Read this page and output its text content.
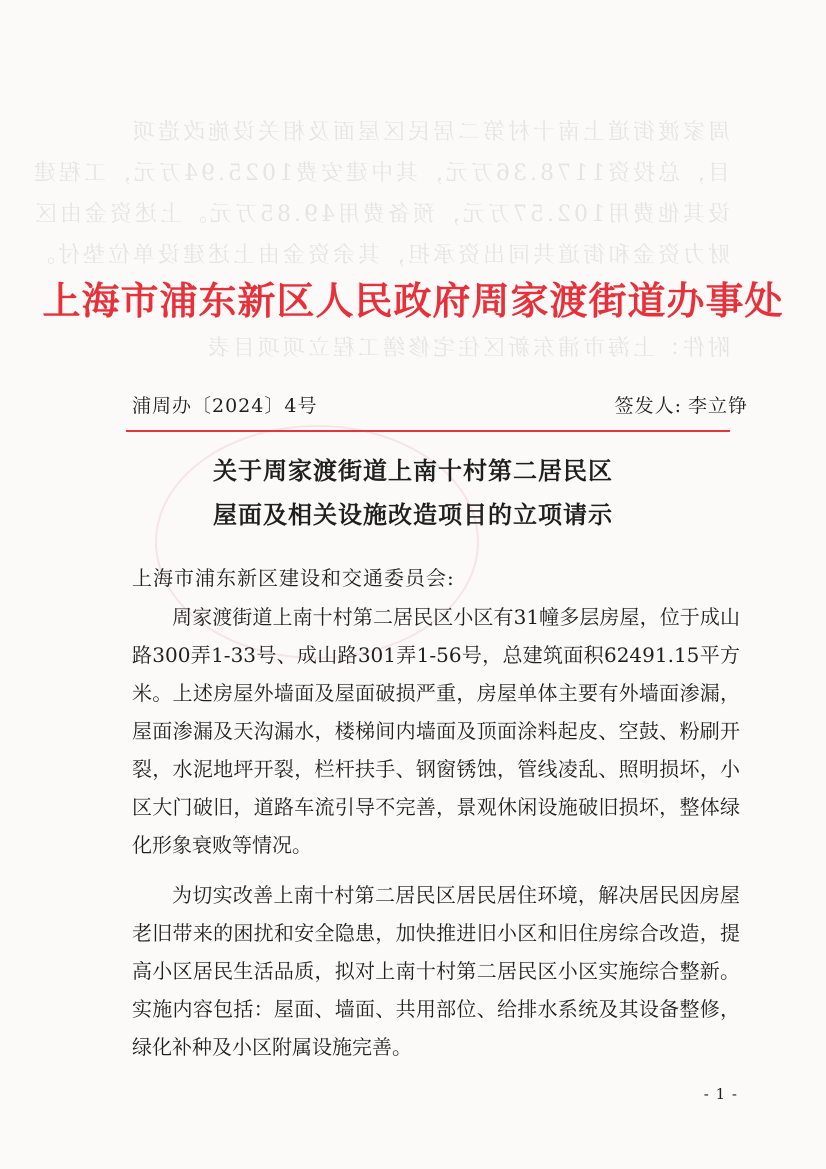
周家渡街道上南十村第二居民区屋面及相关设施改造项
目，总投资1178.36万元，其中建安费1025.94万元，工程建
设其他费用102.57万元，预备费用49.85万元。上述资金由区
财力资金和街道共同出资承担，其余资金由上述建设单位垫付。
附件：上海市浦东新区住宅修缮工程立项项目表
上海市浦东新区人民政府周家渡街道办事处
浦周办〔2024〕4号	签发人: 李立铮
关于周家渡街道上南十村第二居民区
屋面及相关设施改造项目的立项请示
上海市浦东新区建设和交通委员会:

周家渡街道上南十村第二居民区小区有31幢多层房屋，位于成山路300弄1-33号、成山路301弄1-56号，总建筑面积62491.15平方米。上述房屋外墙面及屋面破损严重，房屋单体主要有外墙面渗漏，屋面渗漏及天沟漏水，楼梯间内墙面及顶面涂料起皮、空鼓、粉刷开裂，水泥地坪开裂，栏杆扶手、钢窗锈蚀，管线凌乱、照明损坏，小区大门破旧，道路车流引导不完善，景观休闲设施破旧损坏，整体绿化形象衰败等情况。

为切实改善上南十村第二居民区居民居住环境，解决居民因房屋老旧带来的困扰和安全隐患，加快推进旧小区和旧住房综合改造，提高小区居民生活品质，拟对上南十村第二居民区小区实施综合整新。实施内容包括：屋面、墙面、共用部位、给排水系统及其设备整修，绿化补种及小区附属设施完善。

- 1 -
